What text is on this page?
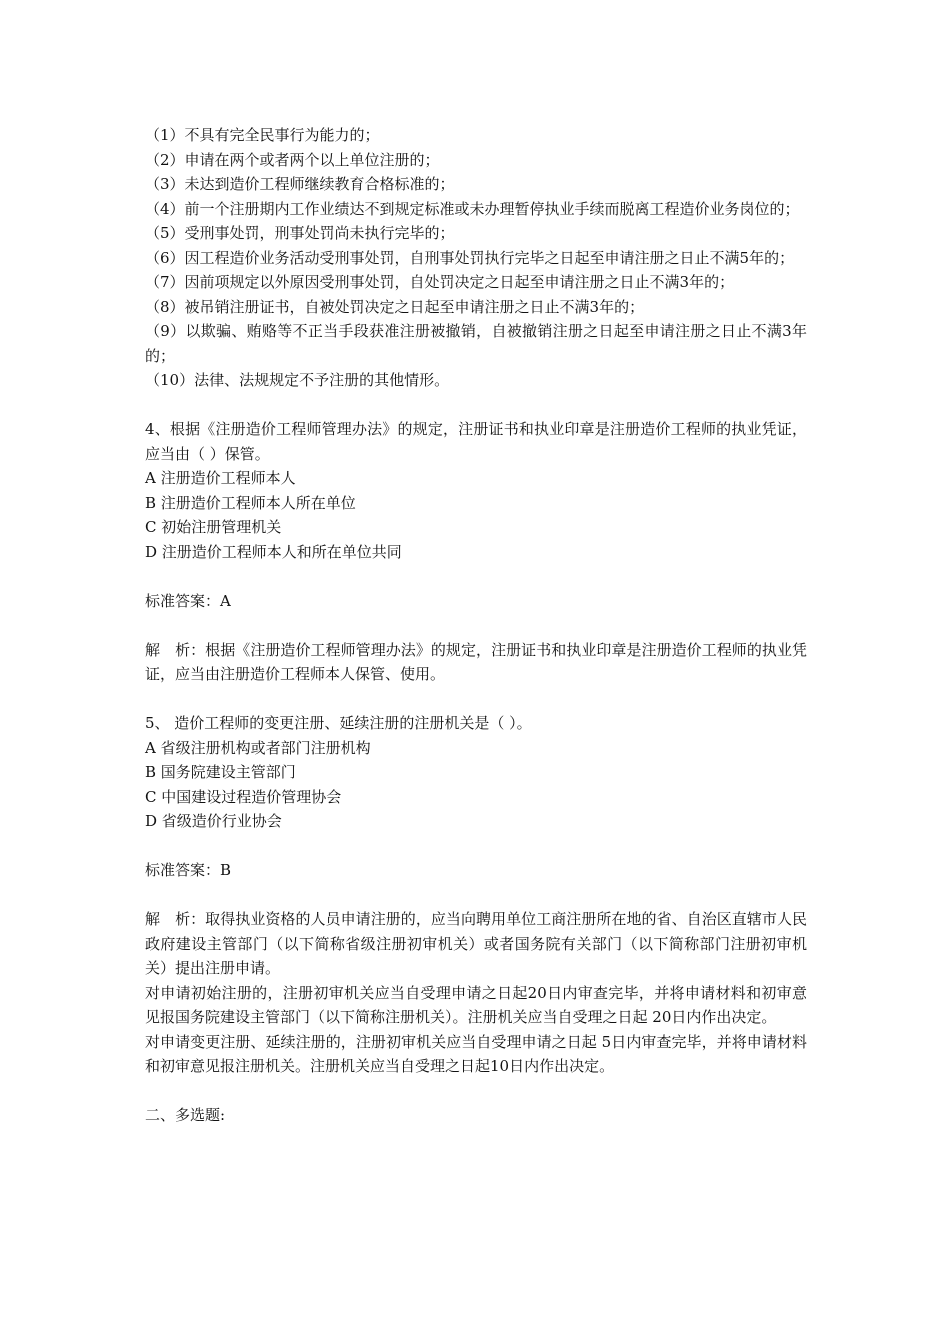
（1）不具有完全民事行为能力的；

（2）申请在两个或者两个以上单位注册的；

（3）未达到造价工程师继续教育合格标准的；

（4）前一个注册期内工作业绩达不到规定标准或未办理暂停执业手续而脱离工程造价业务岗位的；

（5）受刑事处罚，刑事处罚尚未执行完毕的；

（6）因工程造价业务活动受刑事处罚，自刑事处罚执行完毕之日起至申请注册之日止不满5年的；

（7）因前项规定以外原因受刑事处罚，自处罚决定之日起至申请注册之日止不满3年的；

（8）被吊销注册证书，自被处罚决定之日起至申请注册之日止不满3年的；

（9）以欺骗、贿赂等不正当手段获准注册被撤销，自被撤销注册之日起至申请注册之日止不满3年的；

（10）法律、法规规定不予注册的其他情形。

4、根据《注册造价工程师管理办法》的规定，注册证书和执业印章是注册造价工程师的执业凭证，应当由（ ）保管。

A 注册造价工程师本人

B 注册造价工程师本人所在单位

C 初始注册管理机关

D 注册造价工程师本人和所在单位共同

标准答案：A

解　析：根据《注册造价工程师管理办法》的规定，注册证书和执业印章是注册造价工程师的执业凭证，应当由注册造价工程师本人保管、使用。

5、 造价工程师的变更注册、延续注册的注册机关是（ ）。

A 省级注册机构或者部门注册机构

B 国务院建设主管部门

C 中国建设过程造价管理协会

D 省级造价行业协会

标准答案：B

解　析：取得执业资格的人员申请注册的，应当向聘用单位工商注册所在地的省、自治区直辖市人民政府建设主管部门（以下简称省级注册初审机关）或者国务院有关部门（以下简称部门注册初审机关）提出注册申请。

对申请初始注册的，注册初审机关应当自受理申请之日起20日内审查完毕，并将申请材料和初审意见报国务院建设主管部门（以下简称注册机关）。注册机关应当自受理之日起 20日内作出决定。

对申请变更注册、延续注册的，注册初审机关应当自受理申请之日起 5日内审查完毕，并将申请材料和初审意见报注册机关。注册机关应当自受理之日起10日内作出决定。

二、多选题:
